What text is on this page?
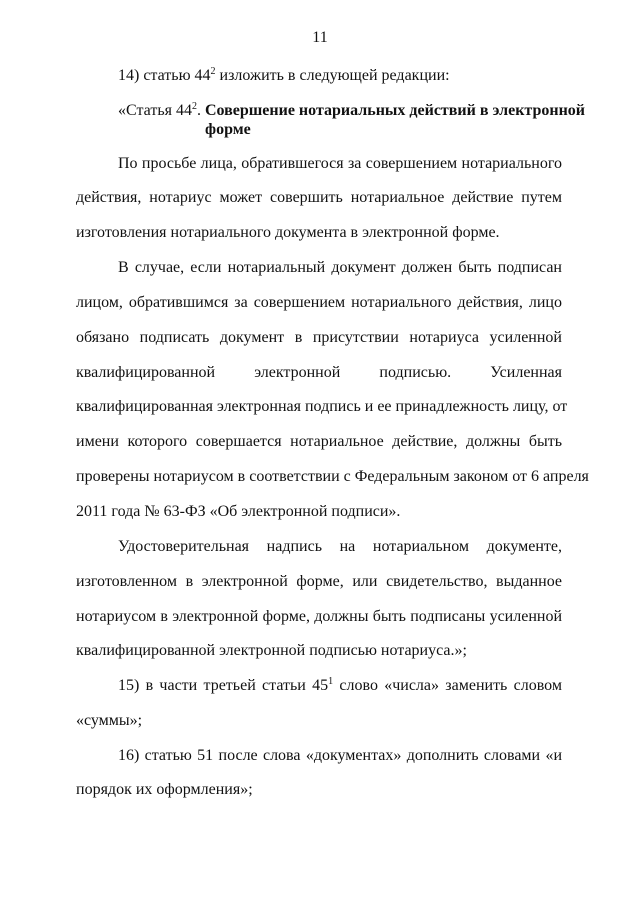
11
14) статью $44^2$ изложить в следующей редакции:
«Статья $44^2$. Совершение нотариальных действий в электронной
форме
По просьбе лица, обратившегося за совершением нотариального
действия, нотариус может совершить нотариальное действие путем
изготовления нотариального документа в электронной форме.
В случае, если нотариальный документ должен быть подписан
лицом, обратившимся за совершением нотариального действия, лицо
обязано подписать документ в присутствии нотариуса усиленной
квалифицированной электронной подписью. Усиленная
квалифицированная электронная подпись и ее принадлежность лицу, от
имени которого совершается нотариальное действие, должны быть
проверены нотариусом в соответствии с Федеральным законом от 6 апреля
2011 года № 63-ФЗ «Об электронной подписи».
Удостоверительная надпись на нотариальном документе,
изготовленном в электронной форме, или свидетельство, выданное
нотариусом в электронной форме, должны быть подписаны усиленной
квалифицированной электронной подписью нотариуса.»;
15) в части третьей статьи $45^1$ слово «числа» заменить словом
«суммы»;
16) статью 51 после слова «документах» дополнить словами «и
порядок их оформления»;
